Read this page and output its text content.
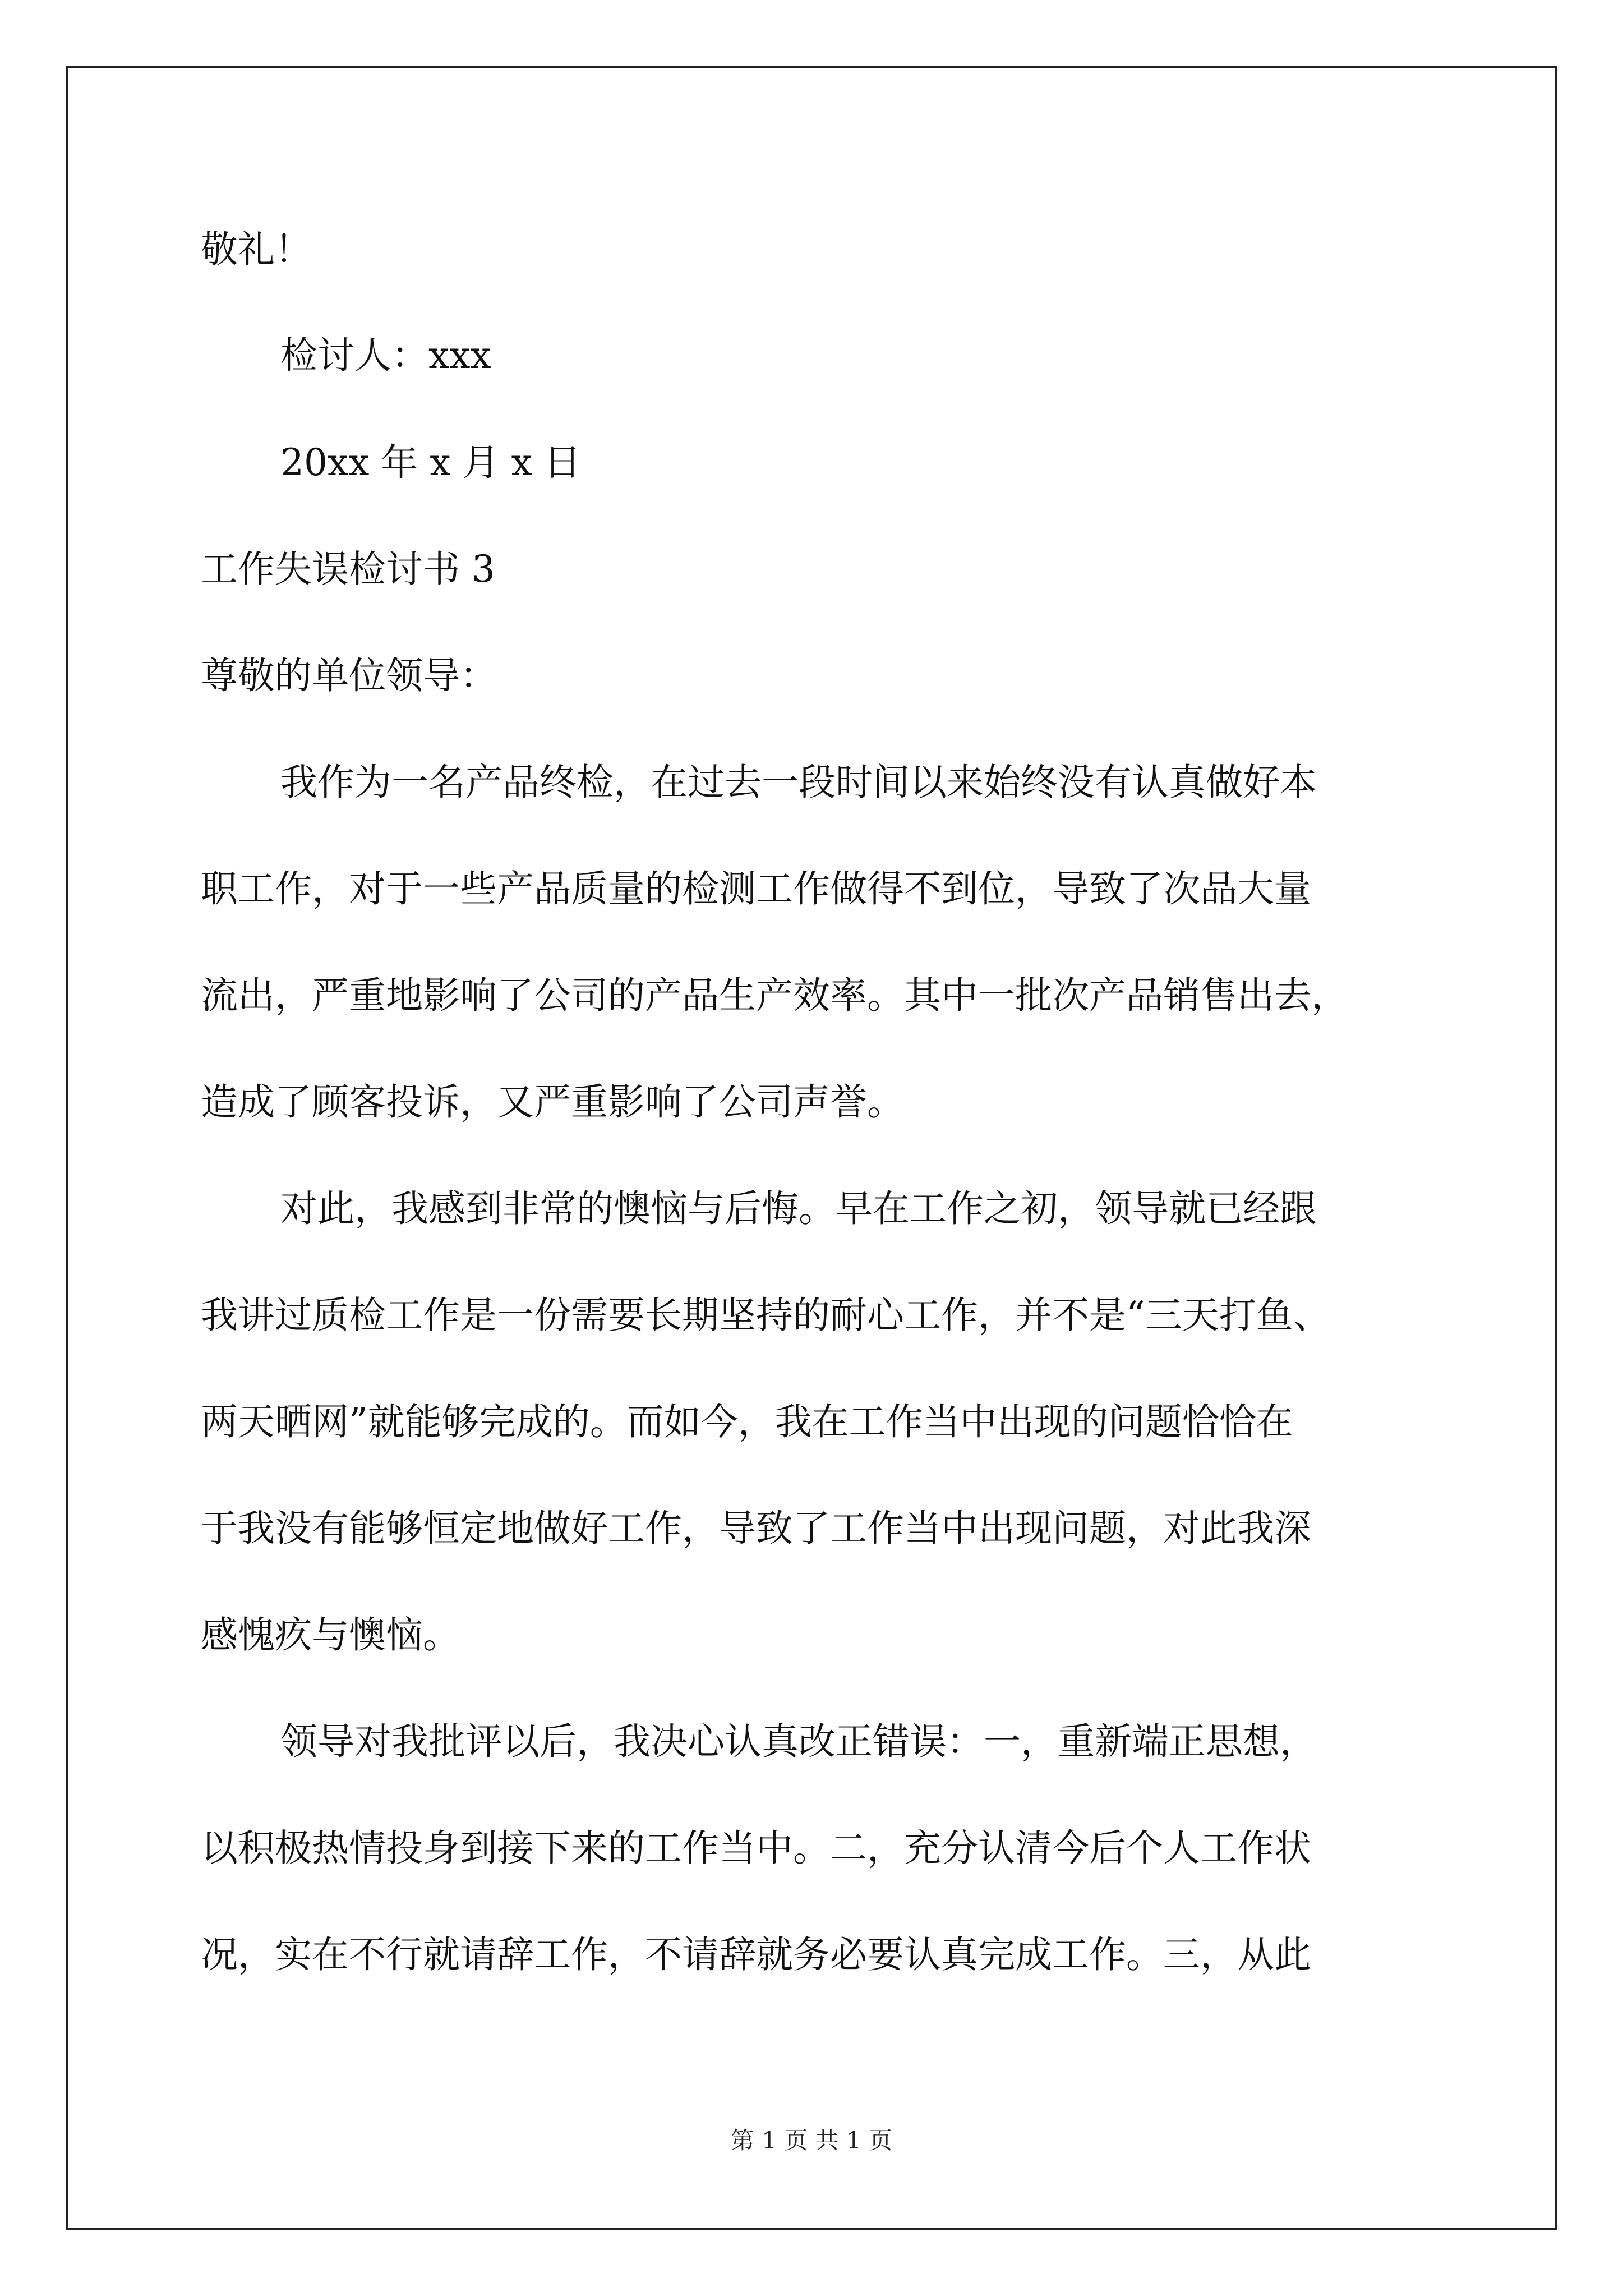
敬礼！
检讨人：xxx
20xx 年 x 月 x 日
工作失误检讨书 3
尊敬的单位领导：
我作为一名产品终检，在过去一段时间以来始终没有认真做好本
职工作，对于一些产品质量的检测工作做得不到位，导致了次品大量
流出，严重地影响了公司的产品生产效率。其中一批次产品销售出去，
造成了顾客投诉，又严重影响了公司声誉。
对此，我感到非常的懊恼与后悔。早在工作之初，领导就已经跟
我讲过质检工作是一份需要长期坚持的耐心工作，并不是“三天打鱼、
两天晒网”就能够完成的。而如今，我在工作当中出现的问题恰恰在
于我没有能够恒定地做好工作，导致了工作当中出现问题，对此我深
感愧疚与懊恼。
领导对我批评以后，我决心认真改正错误：一，重新端正思想，
以积极热情投身到接下来的工作当中。二，充分认清今后个人工作状
况，实在不行就请辞工作，不请辞就务必要认真完成工作。三，从此
第 1 页 共 1 页
